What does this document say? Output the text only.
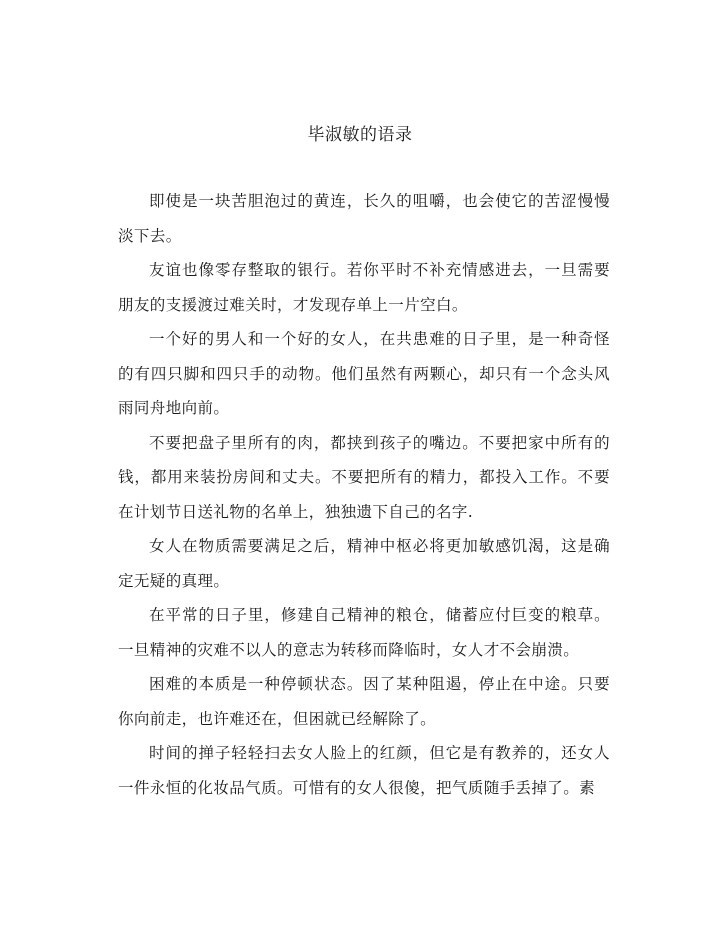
毕淑敏的语录

即使是一块苦胆泡过的黄连，长久的咀嚼，也会使它的苦涩慢慢淡下去。

友谊也像零存整取的银行。若你平时不补充情感进去，一旦需要朋友的支援渡过难关时，才发现存单上一片空白。

一个好的男人和一个好的女人，在共患难的日子里，是一种奇怪的有四只脚和四只手的动物。他们虽然有两颗心，却只有一个念头风雨同舟地向前。

不要把盘子里所有的肉，都挟到孩子的嘴边。不要把家中所有的钱，都用来装扮房间和丈夫。不要把所有的精力，都投入工作。不要在计划节日送礼物的名单上，独独遗下自己的名字.

女人在物质需要满足之后，精神中枢必将更加敏感饥渴，这是确定无疑的真理。

在平常的日子里，修建自己精神的粮仓，储蓄应付巨变的粮草。一旦精神的灾难不以人的意志为转移而降临时，女人才不会崩溃。

困难的本质是一种停顿状态。因了某种阻遏，停止在中途。只要你向前走，也许难还在，但困就已经解除了。

时间的掸子轻轻扫去女人脸上的红颜，但它是有教养的，还女人一件永恒的化妆品气质。可惜有的女人很傻，把气质随手丢掉了。素
